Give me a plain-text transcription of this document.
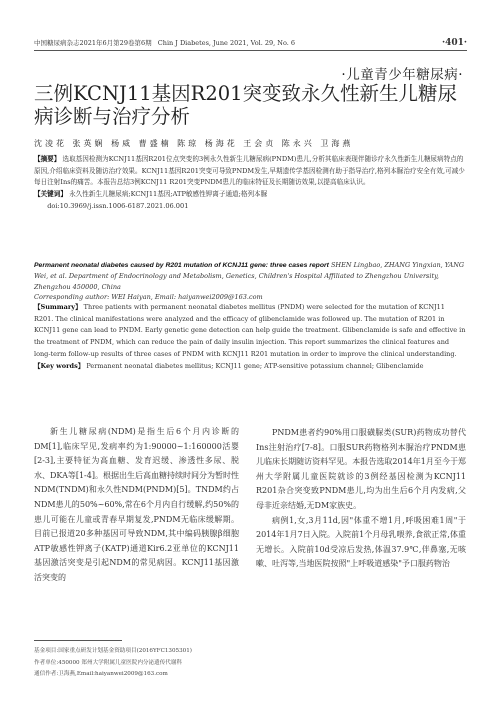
中国糖尿病杂志2021年6月第29卷第6期 Chin J Diabetes, June 2021, Vol. 29, No. 6	·401·
·儿童青少年糖尿病·
三例KCNJ11基因R201突变致永久性新生儿糖尿病诊断与治疗分析
沈凌花 张英娴 杨威 曹盛楠 陈琼 杨海花 王会贞 陈永兴 卫海燕
【摘要】 选取基因检测为KCNJ11基因R201位点突变的3例永久性新生儿糖尿病(PNDM)患儿,分析其临床表现伴随诊疗永久性新生儿糖尿病特点的原因,介绍临床资料及随访治疗效果。KCNJ11基因R201突变可导致PNDM发生,早期遗传学基因检测有助于指导治疗,格列本脲治疗安全有效,可减少每日注射Ins的痛苦。本报告总结3例KCNJ11 R201突变PNDM患儿的临床特征及长期随访效果,以提高临床认识。
【关键词】 永久性新生儿糖尿病;KCNJ11基因;ATP敏感性钾离子通道;格列本脲
doi:10.3969/j.issn.1006-6187.2021.06.001
Permanent neonatal diabetes caused by R201 mutation of KCNJ11 gene: three cases report SHEN Lingbao, ZHANG Yingxian, YANG Wei, et al. Department of Endocrinology and Metabolism, Genetics, Children's Hospital Affiliated to Zhengzhou University, Zhengzhou 450000, China
Corresponding author: WEI Haiyan, Email: haiyanwei2009@163.com
【Summary】 Three patients with permanent neonatal diabetes mellitus (PNDM) were selected for the mutation of KCNJ11 R201. The clinical manifestations were analyzed and the efficacy of glibenclamide was followed up. The mutation of R201 in KCNJ11 gene can lead to PNDM. Early genetic gene detection can help guide the treatment. Glibenclamide is safe and effective in the treatment of PNDM, which can reduce the pain of daily insulin injection. This report summarizes the clinical features and long-term follow-up results of three cases of PNDM with KCNJ11 R201 mutation in order to improve the clinical understanding.
【Key words】 Permanent neonatal diabetes mellitus; KCNJ11 gene; ATP-sensitive potassium channel; Glibenclamide

新生儿糖尿病(NDM)是指生后6个月内诊断的DM[1],临床罕见,发病率约为1:90000~1:160000活婴[2-3],主要特征为高血糖、发育迟缓、渗透性多尿、脱水、DKA等[1-4]。根据出生后高血糖持续时间分为暂时性NDM(TNDM)和永久性NDM(PNDM)[5]。TNDM约占NDM患儿的50%~60%,常在6个月内自行缓解,约50%的患儿可能在儿童或青春早期复发,PNDM无临床缓解期。目前已报道20多种基因可导致NDM,其中编码胰腺β细胞ATP敏感性钾离子(KATP)通道Kir6.2亚单位的KCNJ11基因激活突变是引起NDM的常见病因。KCNJ11基因激活突变的

PNDM患者约90%用口服磺脲类(SUR)药物成功替代Ins注射治疗[7-8]。口服SUR药物格列本脲治疗PNDM患儿临床长期随访资料罕见。本报告选取2014年1月至今于郑州大学附属儿童医院就诊的3例经基因检测为KCNJ11 R201杂合突变致PNDM患儿,均为出生后6个月内发病,父母非近亲结婚,无DM家族史。

病例1,女,3月11d,因"体重不增1月,呼吸困难1周"于2014年1月7日入院。入院前1个月母乳喂养,食欲正常,体重无增长。入院前10d受凉后发热,体温37.9℃,伴鼻塞,无咳嗽、吐泻等,当地医院按照"上呼吸道感染"予口服药物治

基金项目:国家重点研发计划基金资助项目(2016YFC1305301)
作者单位:450000 郑州大学附属儿童医院内分泌遗传代谢科
通信作者:卫海燕,Email:haiyanwei2009@163.com
